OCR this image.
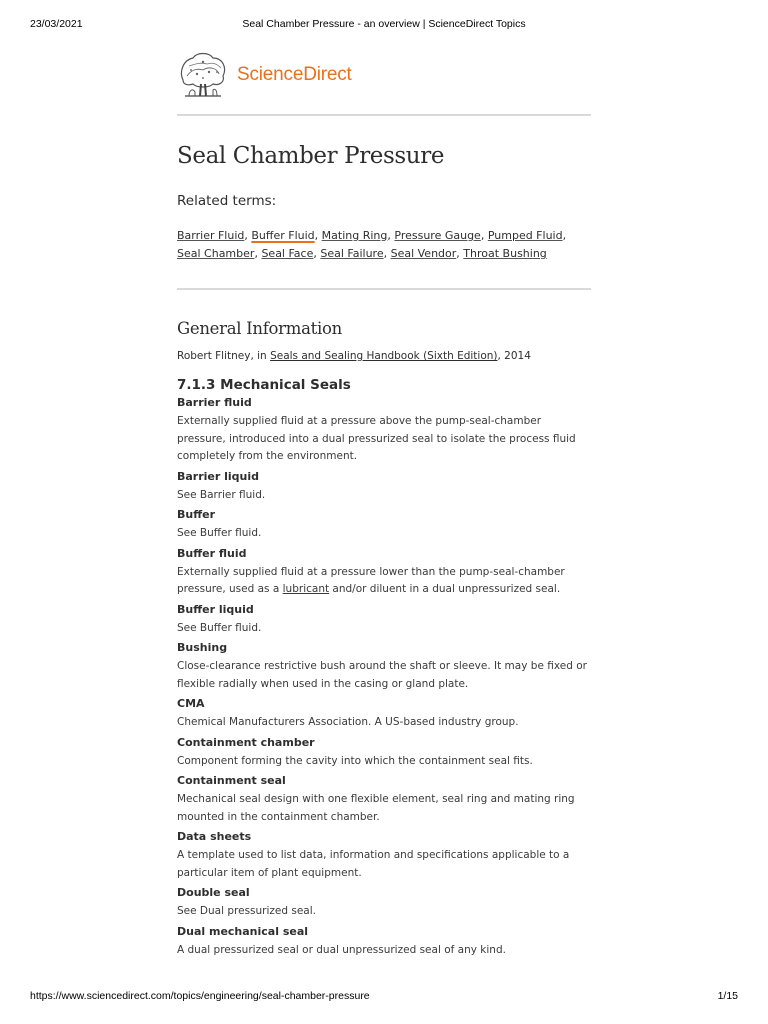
23/03/2021	Seal Chamber Pressure - an overview | ScienceDirect Topics
ScienceDirect
Seal Chamber Pressure

Related terms:

Barrier Fluid, Buffer Fluid, Mating Ring, Pressure Gauge, Pumped Fluid, Seal Chamber, Seal Face, Seal Failure, Seal Vendor, Throat Bushing

General Information

Robert Flitney, in Seals and Sealing Handbook (Sixth Edition), 2014

7.1.3 Mechanical Seals

Barrier fluid

Externally supplied fluid at a pressure above the pump-seal-chamber pressure, introduced into a dual pressurized seal to isolate the process fluid completely from the environment.

Barrier liquid

See Barrier fluid.

Buffer

See Buffer fluid.

Buffer fluid

Externally supplied fluid at a pressure lower than the pump-seal-chamber pressure, used as a lubricant and/or diluent in a dual unpressurized seal.

Buffer liquid

See Buffer fluid.

Bushing

Close-clearance restrictive bush around the shaft or sleeve. It may be fixed or flexible radially when used in the casing or gland plate.

CMA

Chemical Manufacturers Association. A US-based industry group.

Containment chamber

Component forming the cavity into which the containment seal fits.

Containment seal

Mechanical seal design with one flexible element, seal ring and mating ring mounted in the containment chamber.

Data sheets

A template used to list data, information and specifications applicable to a particular item of plant equipment.

Double seal

See Dual pressurized seal.

Dual mechanical seal

A dual pressurized seal or dual unpressurized seal of any kind.

https://www.sciencedirect.com/topics/engineering/seal-chamber-pressure	1/15
